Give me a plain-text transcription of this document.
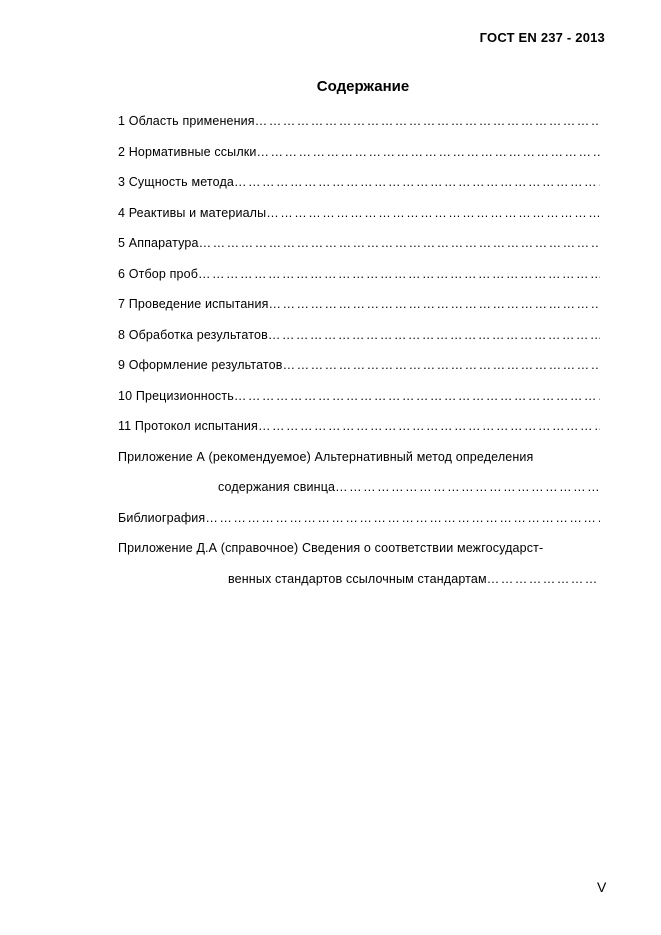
ГОСТ EN 237 - 2013
Содержание
1 Область применения
……………………………………………………………………………………………………………………………………………………
2 Нормативные ссылки
……………………………………………………………………………………………………………………………………………………
3 Сущность метода
……………………………………………………………………………………………………………………………………………………
4 Реактивы и материалы
……………………………………………………………………………………………………………………………………………………
5 Аппаратура
……………………………………………………………………………………………………………………………………………………
6 Отбор проб
……………………………………………………………………………………………………………………………………………………
7 Проведение испытания
……………………………………………………………………………………………………………………………………………………
8 Обработка результатов
……………………………………………………………………………………………………………………………………………………
9 Оформление результатов
……………………………………………………………………………………………………………………………………………………
10 Прецизионность
……………………………………………………………………………………………………………………………………………………
11 Протокол испытания
……………………………………………………………………………………………………………………………………………………
Приложение А (рекомендуемое) Альтернативный метод определения
содержания свинца
……………………………………………………………………………………………………………………………………………………
Библиография
……………………………………………………………………………………………………………………………………………………
Приложение Д.А (справочное) Сведения о соответствии межгосударст-
венных стандартов ссылочным стандартам
……………………………………………………………………………………………………………………………………………………
V
